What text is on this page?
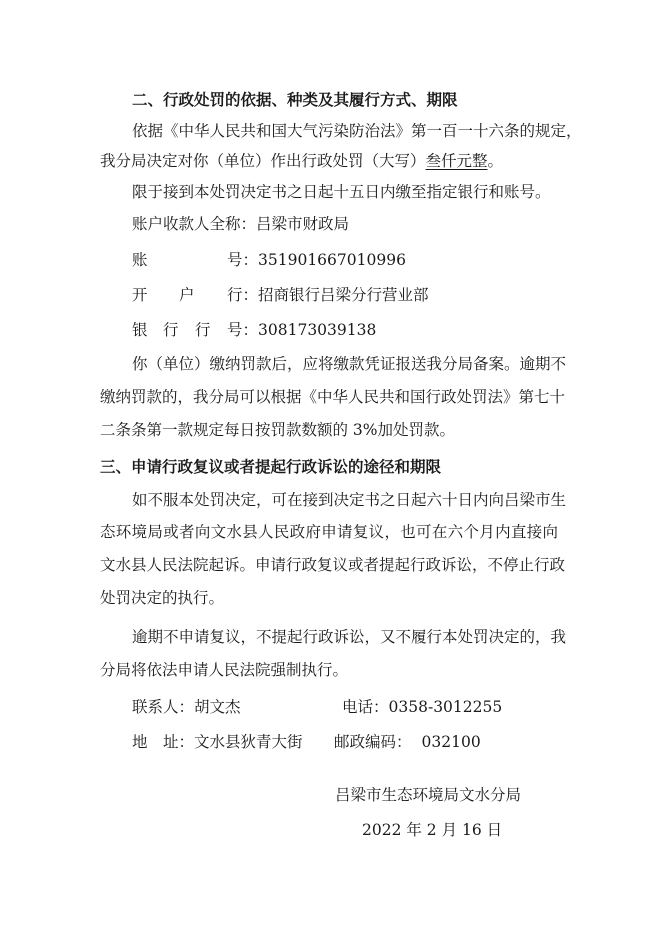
二、行政处罚的依据、种类及其履行方式、期限
依据《中华人民共和国大气污染防治法》第一百一十六条的规定，
我分局决定对你（单位）作出行政处罚（大写）叁仟元整。
限于接到本处罚决定书之日起十五日内缴至指定银行和账号。
账户收款人全称：吕梁市财政局
账	号：351901667010996
开 户 行：招商银行吕梁分行营业部
银 行 行 号：308173039138
你（单位）缴纳罚款后，应将缴款凭证报送我分局备案。逾期不
缴纳罚款的，我分局可以根据《中华人民共和国行政处罚法》第七十
二条条第一款规定每日按罚款数额的 3%加处罚款。
三、申请行政复议或者提起行政诉讼的途径和期限
如不服本处罚决定，可在接到决定书之日起六十日内向吕梁市生
态环境局或者向文水县人民政府申请复议，也可在六个月内直接向
文水县人民法院起诉。申请行政复议或者提起行政诉讼，不停止行政
处罚决定的执行。
逾期不申请复议，不提起行政诉讼，又不履行本处罚决定的，我
分局将依法申请人民法院强制执行。
联系人：胡文杰	电话：0358-3012255
地 址：文水县狄青大街 邮政编码： 032100
吕梁市生态环境局文水分局
2022 年 2 月 16 日
